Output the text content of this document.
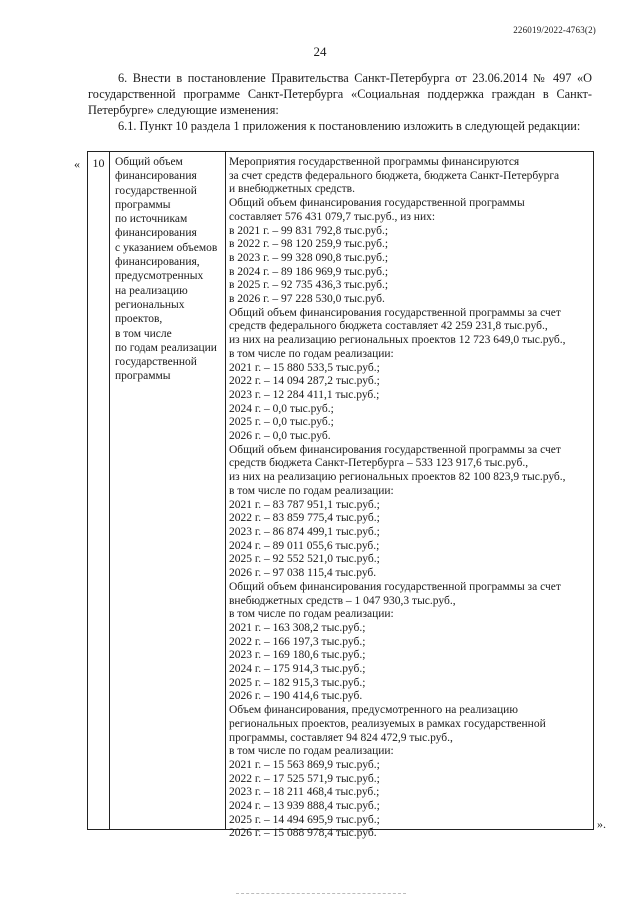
226019/2022-4763(2)
24

6. Внести в постановление Правительства Санкт-Петербурга от 23.06.2014 № 497 «О государственной программе Санкт-Петербурга «Социальная поддержка граждан в Санкт-Петербурге» следующие изменения:

6.1. Пункт 10 раздела 1 приложения к постановлению изложить в следующей редакции:

«	10 Общий объем
финансирования
государственной
программы
по источникам
финансирования
с указанием объемов
финансирования,
предусмотренных
на реализацию
региональных
проектов,
в том числе
по годам реализации
государственной
программы
Мероприятия государственной программы финансируются
за счет средств федерального бюджета, бюджета Санкт-Петербурга
и внебюджетных средств.
Общий объем финансирования государственной программы
составляет 576 431 079,7 тыс.руб., из них:
в 2021 г. – 99 831 792,8 тыс.руб.;
в 2022 г. – 98 120 259,9 тыс.руб.;
в 2023 г. – 99 328 090,8 тыс.руб.;
в 2024 г. – 89 186 969,9 тыс.руб.;
в 2025 г. – 92 735 436,3 тыс.руб.;
в 2026 г. – 97 228 530,0 тыс.руб.
Общий объем финансирования государственной программы за счет
средств федерального бюджета составляет 42 259 231,8 тыс.руб.,
из них на реализацию региональных проектов 12 723 649,0 тыс.руб.,
в том числе по годам реализации:
2021 г. – 15 880 533,5 тыс.руб.;
2022 г. – 14 094 287,2 тыс.руб.;
2023 г. – 12 284 411,1 тыс.руб.;
2024 г. – 0,0 тыс.руб.;
2025 г. – 0,0 тыс.руб.;
2026 г. – 0,0 тыс.руб.
Общий объем финансирования государственной программы за счет
средств бюджета Санкт-Петербурга – 533 123 917,6 тыс.руб.,
из них на реализацию региональных проектов 82 100 823,9 тыс.руб.,
в том числе по годам реализации:
2021 г. – 83 787 951,1 тыс.руб.;
2022 г. – 83 859 775,4 тыс.руб.;
2023 г. – 86 874 499,1 тыс.руб.;
2024 г. – 89 011 055,6 тыс.руб.;
2025 г. – 92 552 521,0 тыс.руб.;
2026 г. – 97 038 115,4 тыс.руб.
Общий объем финансирования государственной программы за счет
внебюджетных средств – 1 047 930,3 тыс.руб.,
в том числе по годам реализации:
2021 г. – 163 308,2 тыс.руб.;
2022 г. – 166 197,3 тыс.руб.;
2023 г. – 169 180,6 тыс.руб.;
2024 г. – 175 914,3 тыс.руб.;
2025 г. – 182 915,3 тыс.руб.;
2026 г. – 190 414,6 тыс.руб.
Объем финансирования, предусмотренного на реализацию
региональных проектов, реализуемых в рамках государственной
программы, составляет 94 824 472,9 тыс.руб.,
в том числе по годам реализации:
2021 г. – 15 563 869,9 тыс.руб.;
2022 г. – 17 525 571,9 тыс.руб.;
2023 г. – 18 211 468,4 тыс.руб.;
2024 г. – 13 939 888,4 тыс.руб.;
2025 г. – 14 494 695,9 тыс.руб.;
2026 г. – 15 088 978,4 тыс.руб.
».
